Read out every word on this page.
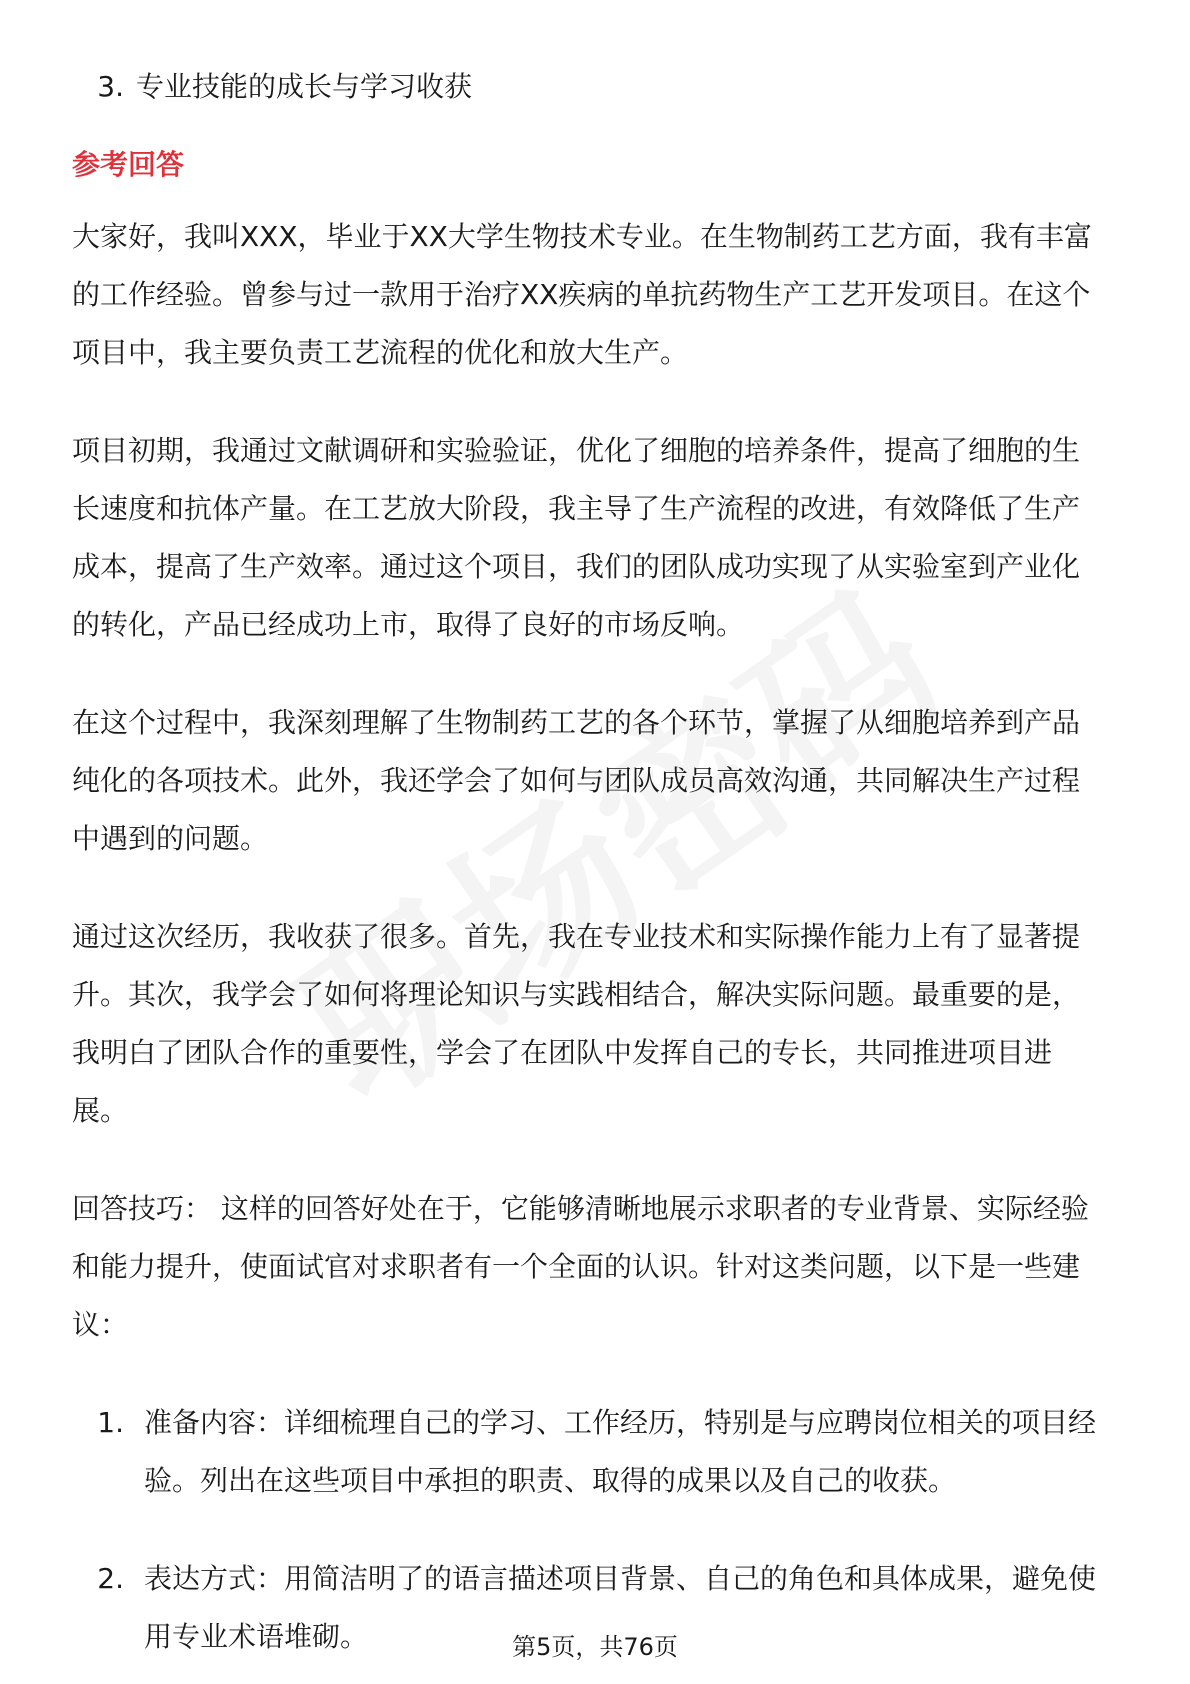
3. 专业技能的成长与学习收获
参考回答
大家好，我叫XXX，毕业于XX大学生物技术专业。在生物制药工艺方面，我有丰富
的工作经验。曾参与过一款用于治疗XX疾病的单抗药物生产工艺开发项目。在这个
项目中，我主要负责工艺流程的优化和放大生产。
项目初期，我通过文献调研和实验验证，优化了细胞的培养条件，提高了细胞的生
长速度和抗体产量。在工艺放大阶段，我主导了生产流程的改进，有效降低了生产
成本，提高了生产效率。通过这个项目，我们的团队成功实现了从实验室到产业化
的转化，产品已经成功上市，取得了良好的市场反响。
在这个过程中，我深刻理解了生物制药工艺的各个环节，掌握了从细胞培养到产品
纯化的各项技术。此外，我还学会了如何与团队成员高效沟通，共同解决生产过程
中遇到的问题。
通过这次经历，我收获了很多。首先，我在专业技术和实际操作能力上有了显著提
升。其次，我学会了如何将理论知识与实践相结合，解决实际问题。最重要的是，
我明白了团队合作的重要性，学会了在团队中发挥自己的专长，共同推进项目进
展。
回答技巧： 这样的回答好处在于，它能够清晰地展示求职者的专业背景、实际经验
和能力提升，使面试官对求职者有一个全面的认识。针对这类问题，以下是一些建
议：
1. 准备内容：详细梳理自己的学习、工作经历，特别是与应聘岗位相关的项目经
验。列出在这些项目中承担的职责、取得的成果以及自己的收获。
2. 表达方式：用简洁明了的语言描述项目背景、自己的角色和具体成果，避免使
用专业术语堆砌。	第5页，共76页
